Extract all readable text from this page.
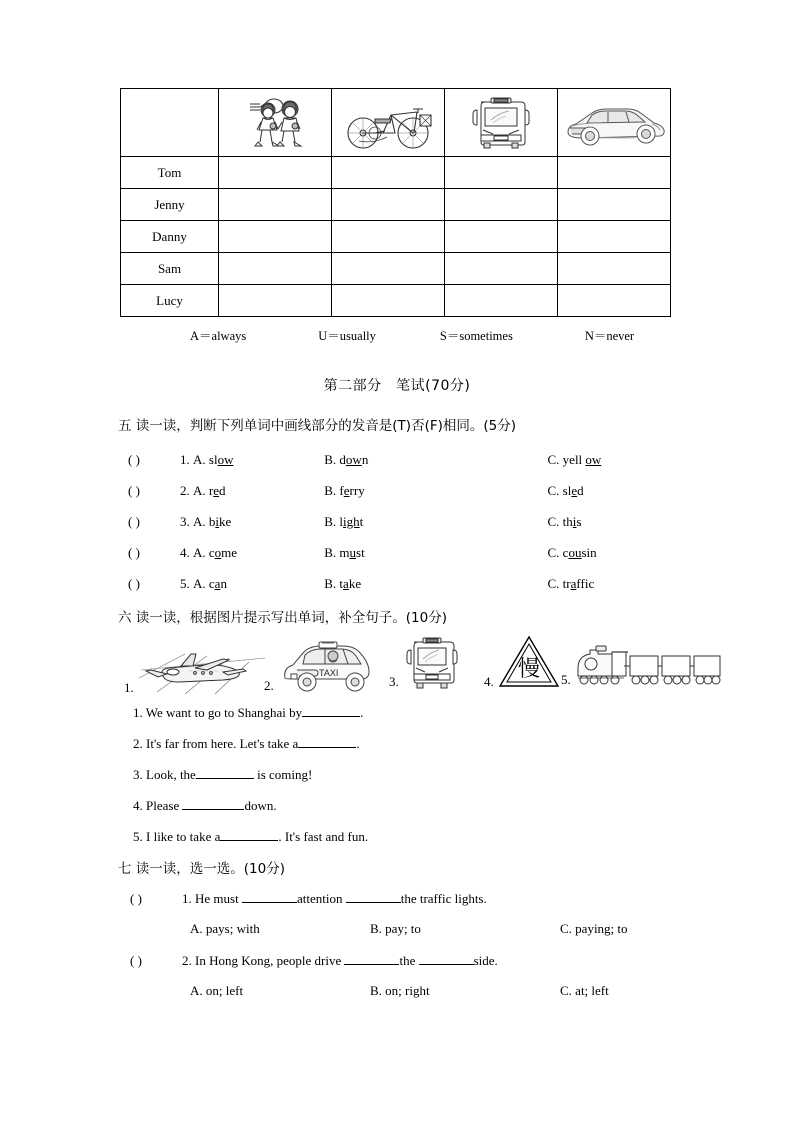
Tom				
Jenny				
Danny				
Sam				
Lucy				
A＝always	U＝usually	S＝sometimes	N＝never
第二部分　笔试(70分)
五 读一读，判断下列单词中画线部分的发音是(T)否(F)相同。(5分)
( )	1. A. slow	B. down	C. yell ow
( )	2. A. red	B. ferry	C. sled
( )	3. A. bike	B. light	C. this
( )	4. A. come	B. must	C. cousin
( )	5. A. can	B. take	C. traffic
六 读一读，根据图片提示写出单词，补全句子。(10分)
1.	2.
TAXI
3.	4. 慢 5.
1. We want to go to Shanghai by	.
2. It's far from here. Let's take a	.
3. Look, the	is coming!
4. Please	down.
5. I like to take a	. It's fast and fun.
七 读一读，选一选。(10分)
( )	1. He must	attention	the traffic lights.
A. pays; with	B. pay; to	C. paying; to
( )	2. In Hong Kong, people drive	the	side.
A. on; left	B. on; right	C. at; left
